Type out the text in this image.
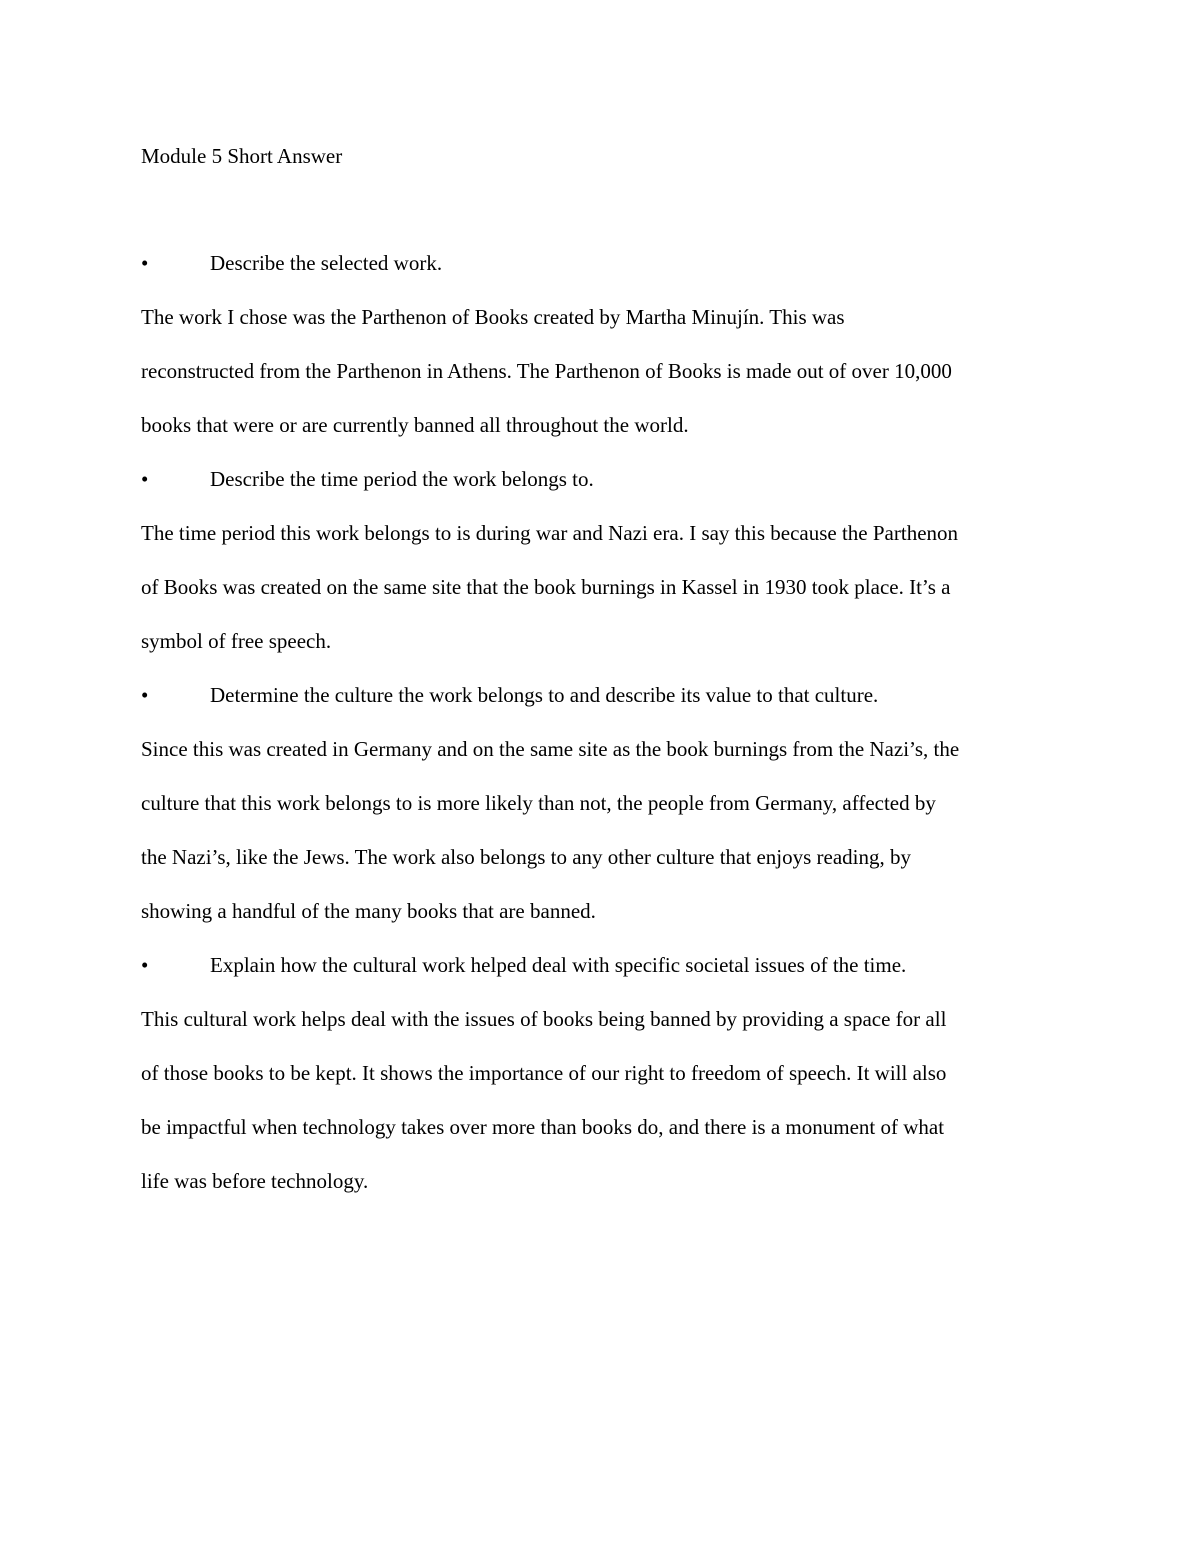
Module 5 Short Answer
•	Describe the selected work.
The work I chose was the Parthenon of Books created by Martha Minujín. This was
reconstructed from the Parthenon in Athens. The Parthenon of Books is made out of over 10,000
books that were or are currently banned all throughout the world.
•	Describe the time period the work belongs to.
The time period this work belongs to is during war and Nazi era. I say this because the Parthenon
of Books was created on the same site that the book burnings in Kassel in 1930 took place. It’s a
symbol of free speech.
•	Determine the culture the work belongs to and describe its value to that culture.
Since this was created in Germany and on the same site as the book burnings from the Nazi’s, the
culture that this work belongs to is more likely than not, the people from Germany, affected by
the Nazi’s, like the Jews. The work also belongs to any other culture that enjoys reading, by
showing a handful of the many books that are banned.
•	Explain how the cultural work helped deal with specific societal issues of the time.
This cultural work helps deal with the issues of books being banned by providing a space for all
of those books to be kept. It shows the importance of our right to freedom of speech. It will also
be impactful when technology takes over more than books do, and there is a monument of what
life was before technology.
